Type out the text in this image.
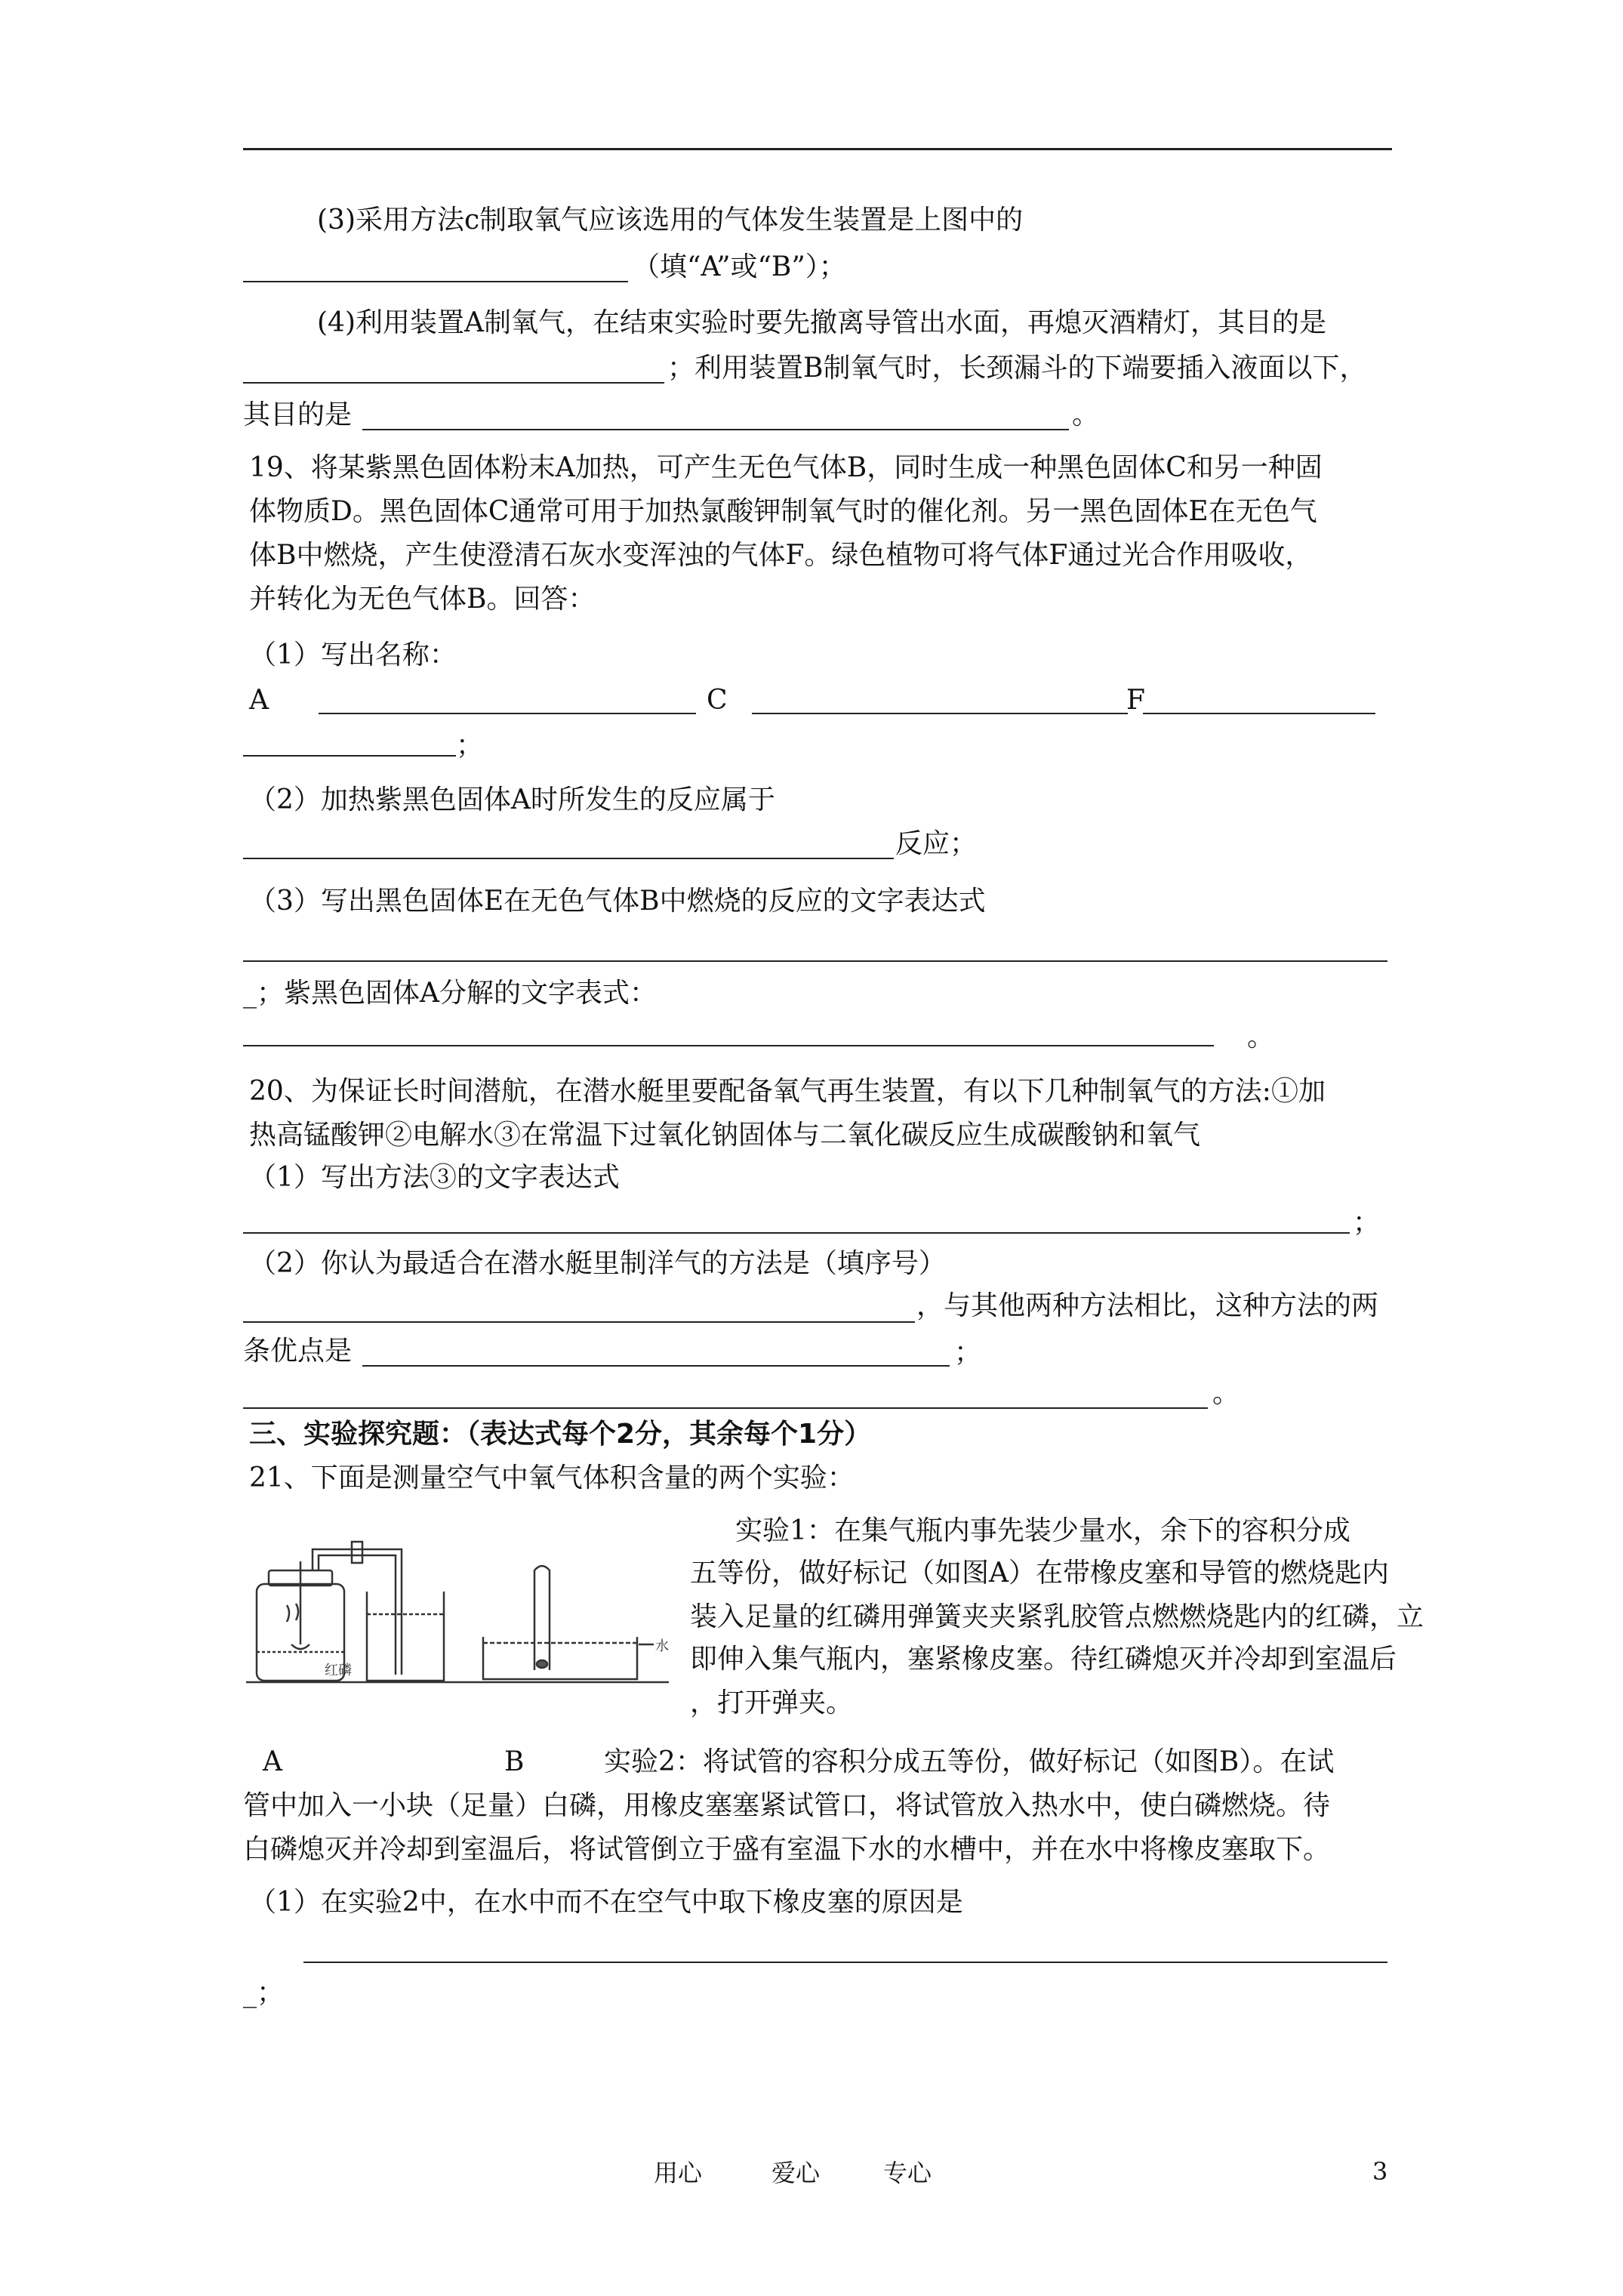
(3)采用方法c制取氧气应该选用的气体发生装置是上图中的
（填“A”或“B”）；
(4)利用装置A制氧气，在结束实验时要先撤离导管出水面，再熄灭酒精灯，其目的是
；利用装置B制氧气时，长颈漏斗的下端要插入液面以下，
其目的是	。
19、将某紫黑色固体粉末A加热，可产生无色气体B，同时生成一种黑色固体C和另一种固
体物质D。黑色固体C通常可用于加热氯酸钾制氧气时的催化剂。另一黑色固体E在无色气
体B中燃烧，产生使澄清石灰水变浑浊的气体F。绿色植物可将气体F通过光合作用吸收，
并转化为无色气体B。回答：
（1）写出名称：
A	C	F
；
（2）加热紫黑色固体A时所发生的反应属于
反应；
（3）写出黑色固体E在无色气体B中燃烧的反应的文字表达式
_；紫黑色固体A分解的文字表式：
。
20、为保证长时间潜航，在潜水艇里要配备氧气再生装置，有以下几种制氧气的方法:①加
热高锰酸钾②电解水③在常温下过氧化钠固体与二氧化碳反应生成碳酸钠和氧气
（1）写出方法③的文字表达式
；
（2）你认为最适合在潜水艇里制洋气的方法是（填序号）
，与其他两种方法相比，这种方法的两
条优点是	；
。
三、实验探究题：（表达式每个2分，其余每个1分）
21、下面是测量空气中氧气体积含量的两个实验：
红磷
水
实验1：在集气瓶内事先装少量水，余下的容积分成
五等份，做好标记（如图A）在带橡皮塞和导管的燃烧匙内
装入足量的红磷用弹簧夹夹紧乳胶管点燃燃烧匙内的红磷，立
即伸入集气瓶内，塞紧橡皮塞。待红磷熄灭并冷却到室温后
，打开弹夹。
A	B	实验2：将试管的容积分成五等份，做好标记（如图B）。在试
管中加入一小块（足量）白磷，用橡皮塞塞紧试管口，将试管放入热水中，使白磷燃烧。待
白磷熄灭并冷却到室温后，将试管倒立于盛有室温下水的水槽中，并在水中将橡皮塞取下。
（1）在实验2中，在水中而不在空气中取下橡皮塞的原因是
_；
用心	爱心	专心	3
